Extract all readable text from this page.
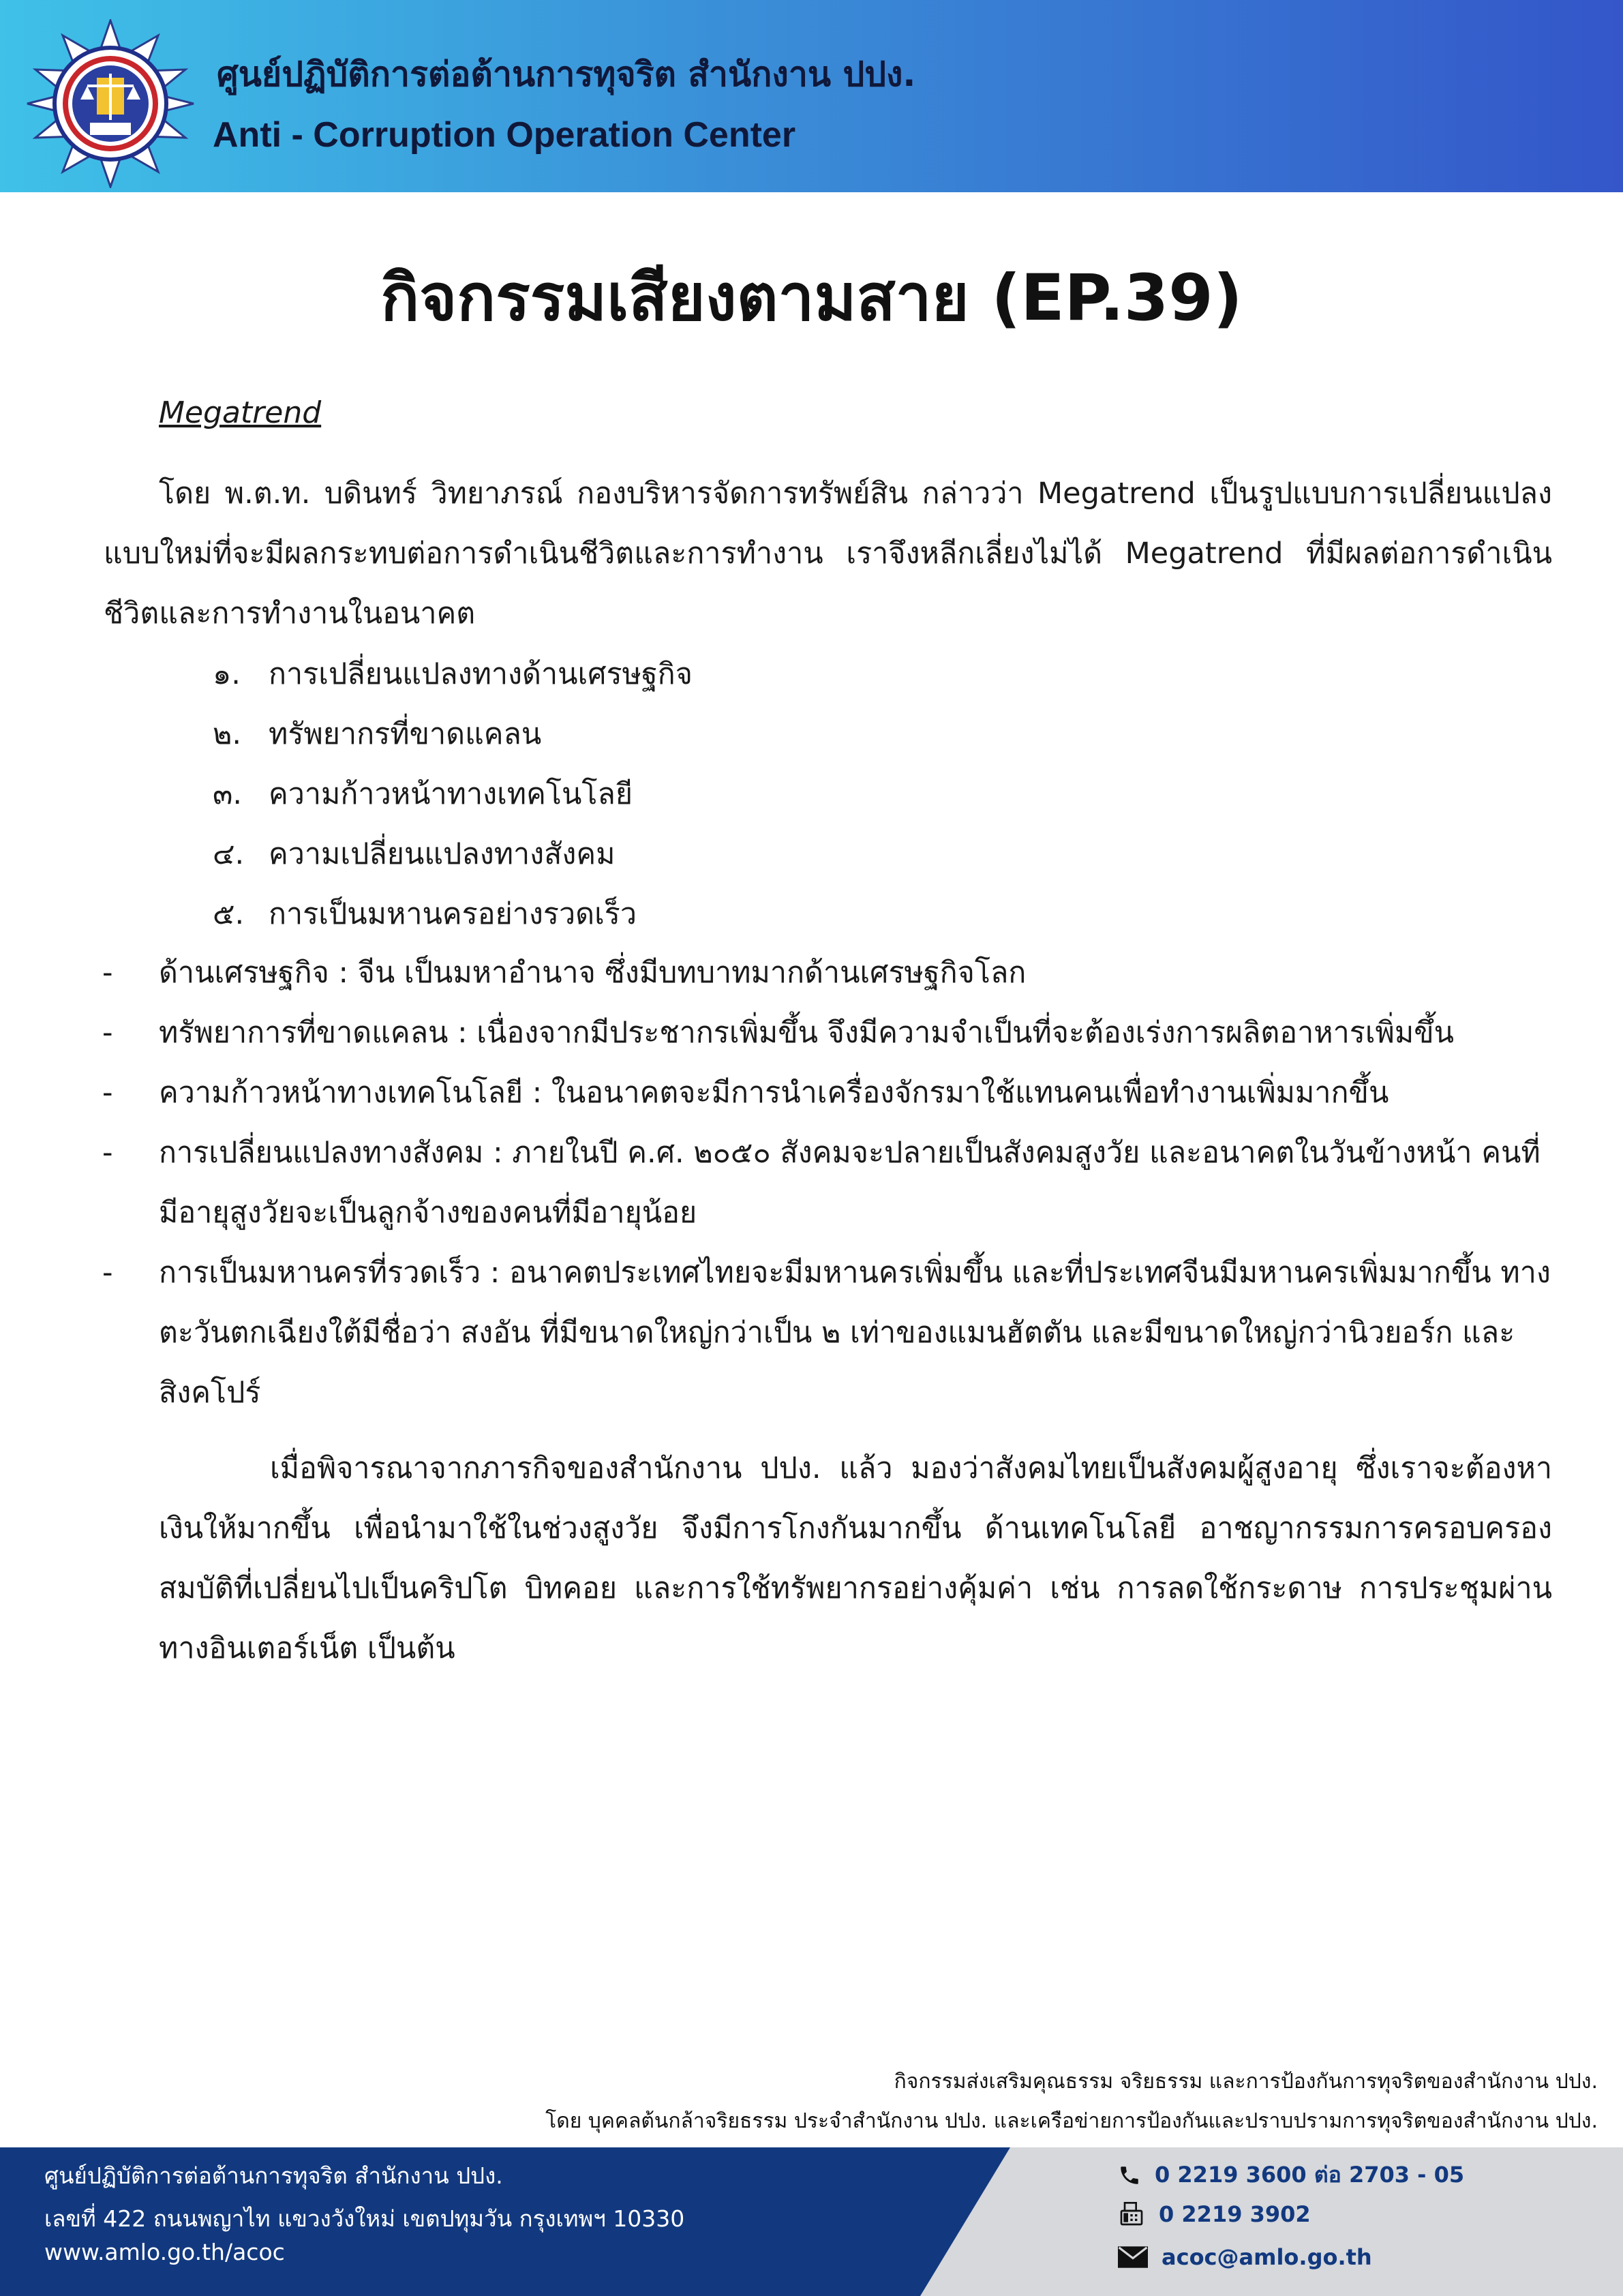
ศูนย์ปฏิบัติการต่อต้านการทุจริต สำนักงาน ปปง.
Anti - Corruption Operation Center
กิจกรรมเสียงตามสาย (EP.39)
Megatrend

โดย พ.ต.ท. บดินทร์ วิทยาภรณ์ กองบริหารจัดการทรัพย์สิน กล่าวว่า Megatrend เป็นรูปแบบการเปลี่ยนแปลงแบบใหม่ที่จะมีผลกระทบต่อการดำเนินชีวิตและการทำงาน เราจึงหลีกเลี่ยงไม่ได้ Megatrend ที่มีผลต่อการดำเนินชีวิตและการทำงานในอนาคต

๑. การเปลี่ยนแปลงทางด้านเศรษฐกิจ
๒. ทรัพยากรที่ขาดแคลน
๓. ความก้าวหน้าทางเทคโนโลยี
๔. ความเปลี่ยนแปลงทางสังคม
๕. การเป็นมหานครอย่างรวดเร็ว
- ด้านเศรษฐกิจ : จีน เป็นมหาอำนาจ ซึ่งมีบทบาทมากด้านเศรษฐกิจโลก
- ทรัพยาการที่ขาดแคลน : เนื่องจากมีประชากรเพิ่มขึ้น จึงมีความจำเป็นที่จะต้องเร่งการผลิตอาหารเพิ่มขึ้น
- ความก้าวหน้าทางเทคโนโลยี : ในอนาคตจะมีการนำเครื่องจักรมาใช้แทนคนเพื่อทำงานเพิ่มมากขึ้น
- การเปลี่ยนแปลงทางสังคม : ภายในปี ค.ศ. ๒๐๕๐ สังคมจะปลายเป็นสังคมสูงวัย และอนาคตในวันข้างหน้า คนที่มีอายุสูงวัยจะเป็นลูกจ้างของคนที่มีอายุน้อย
- การเป็นมหานครที่รวดเร็ว : อนาคตประเทศไทยจะมีมหานครเพิ่มขึ้น และที่ประเทศจีนมีมหานครเพิ่มมากขึ้น ทางตะวันตกเฉียงใต้มีชื่อว่า สงอัน ที่มีขนาดใหญ่กว่าเป็น ๒ เท่าของแมนฮัตตัน และมีขนาดใหญ่กว่านิวยอร์ก และสิงคโปร์

เมื่อพิจารณาจากภารกิจของสำนักงาน ปปง. แล้ว มองว่าสังคมไทยเป็นสังคมผู้สูงอายุ ซึ่งเราจะต้องหาเงินให้มากขึ้น เพื่อนำมาใช้ในช่วงสูงวัย จึงมีการโกงกันมากขึ้น ด้านเทคโนโลยี อาชญากรรมการครอบครองสมบัติที่เปลี่ยนไปเป็นคริปโต บิทคอย และการใช้ทรัพยากรอย่างคุ้มค่า เช่น การลดใช้กระดาษ การประชุมผ่านทางอินเตอร์เน็ต เป็นต้น

กิจกรรมส่งเสริมคุณธรรม จริยธรรม และการป้องกันการทุจริตของสำนักงาน ปปง.
โดย บุคคลต้นกล้าจริยธรรม ประจำสำนักงาน ปปง. และเครือข่ายการป้องกันและปราบปรามการทุจริตของสำนักงาน ปปง.
ศูนย์ปฏิบัติการต่อต้านการทุจริต สำนักงาน ปปง.
เลขที่ 422 ถนนพญาไท แขวงวังใหม่ เขตปทุมวัน กรุงเทพฯ 10330
www.amlo.go.th/acoc
0 2219 3600 ต่อ 2703 - 05
0 2219 3902
acoc@amlo.go.th
